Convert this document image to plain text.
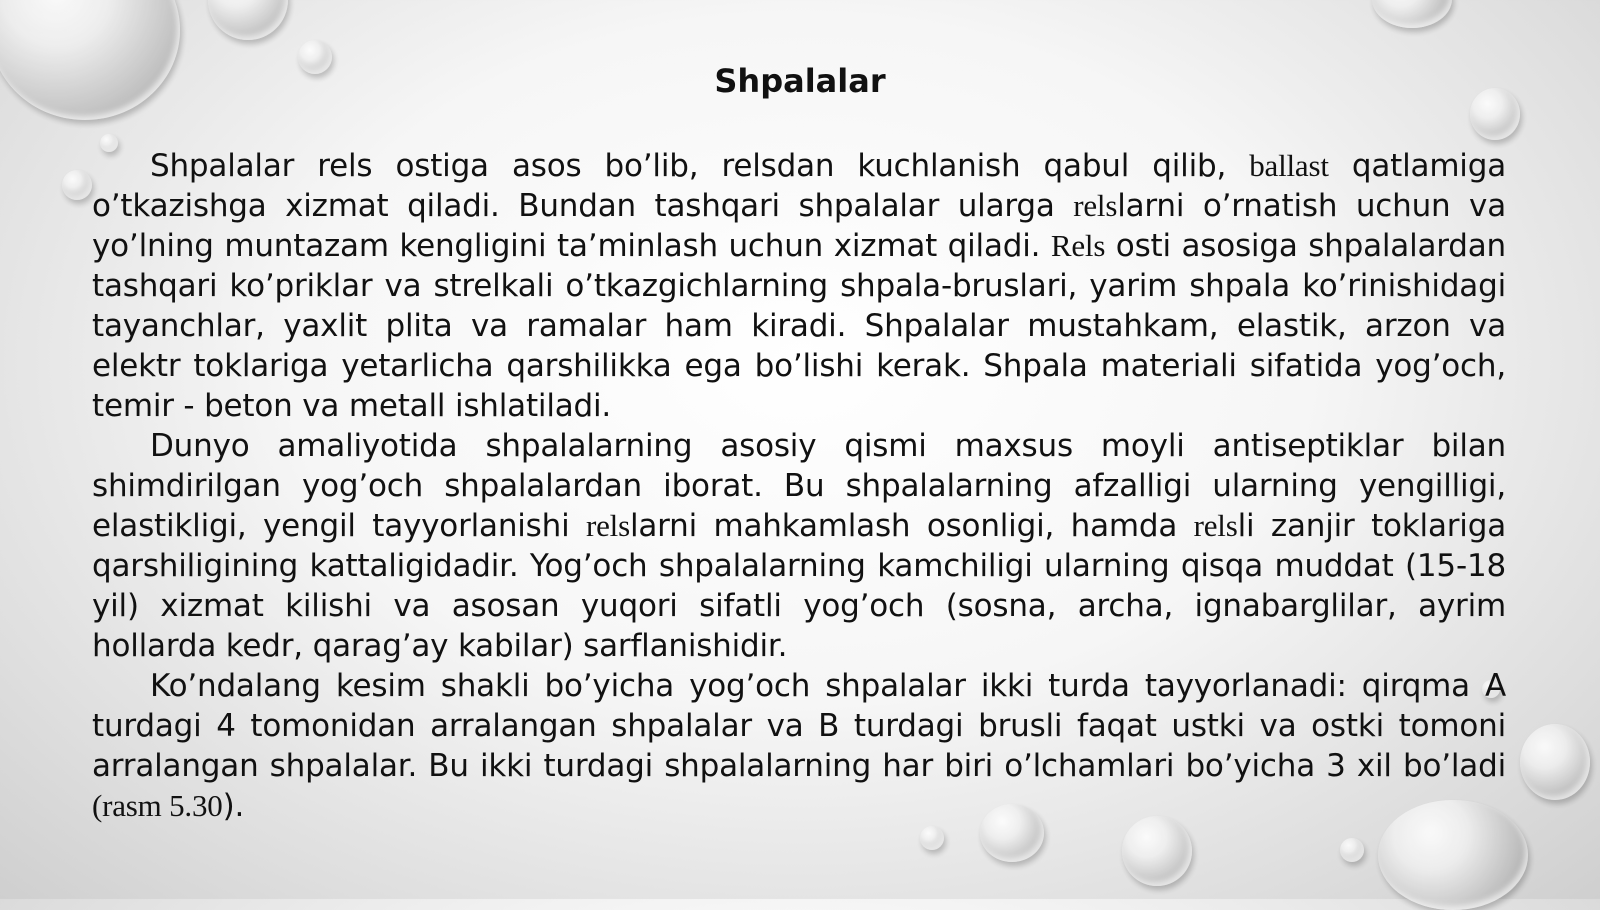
Shpalalar

Shpalalar rels ostiga asos bo’lib, relsdan kuchlanish qabul qilib, ballast qatlamiga o’tkazishga xizmat qiladi. Bundan tashqari shpalalar ularga relslarni o’rnatish uchun va yo’lning muntazam kengligini ta’minlash uchun xizmat qiladi. Rels osti asosiga shpalalardan tashqari ko’priklar va strelkali o’tkazgichlarning shpala-bruslari, yarim shpala ko’rinishidagi tayanchlar, yaxlit plita va ramalar ham kiradi. Shpalalar mustahkam, elastik, arzon va elektr toklariga yetarlicha qarshilikka ega bo’lishi kerak. Shpala materiali sifatida yog’och, temir - beton va metall ishlatiladi.

Dunyo amaliyotida shpalalarning asosiy qismi maxsus moyli antiseptiklar bilan shimdirilgan yog’och shpalalardan iborat. Bu shpalalarning afzalligi ularning yengilligi, elastikligi, yengil tayyorlanishi relslarni mahkamlash osonligi, hamda relsli zanjir toklariga qarshiligining kattaligidadir. Yog’och shpalalarning kamchiligi ularning qisqa muddat (15-18 yil) xizmat kilishi va asosan yuqori sifatli yog’och (sosna, archa, ignabarglilar, ayrim hollarda kedr, qarag’ay kabilar) sarflanishidir.

Ko’ndalang kesim shakli bo’yicha yog’och shpalalar ikki turda tayyorlanadi: qirqma A turdagi 4 tomonidan arralangan shpalalar va B turdagi brusli faqat ustki va ostki tomoni arralangan shpalalar. Bu ikki turdagi shpalalarning har biri o’lchamlari bo’yicha 3 xil bo’ladi (rasm 5.30).
